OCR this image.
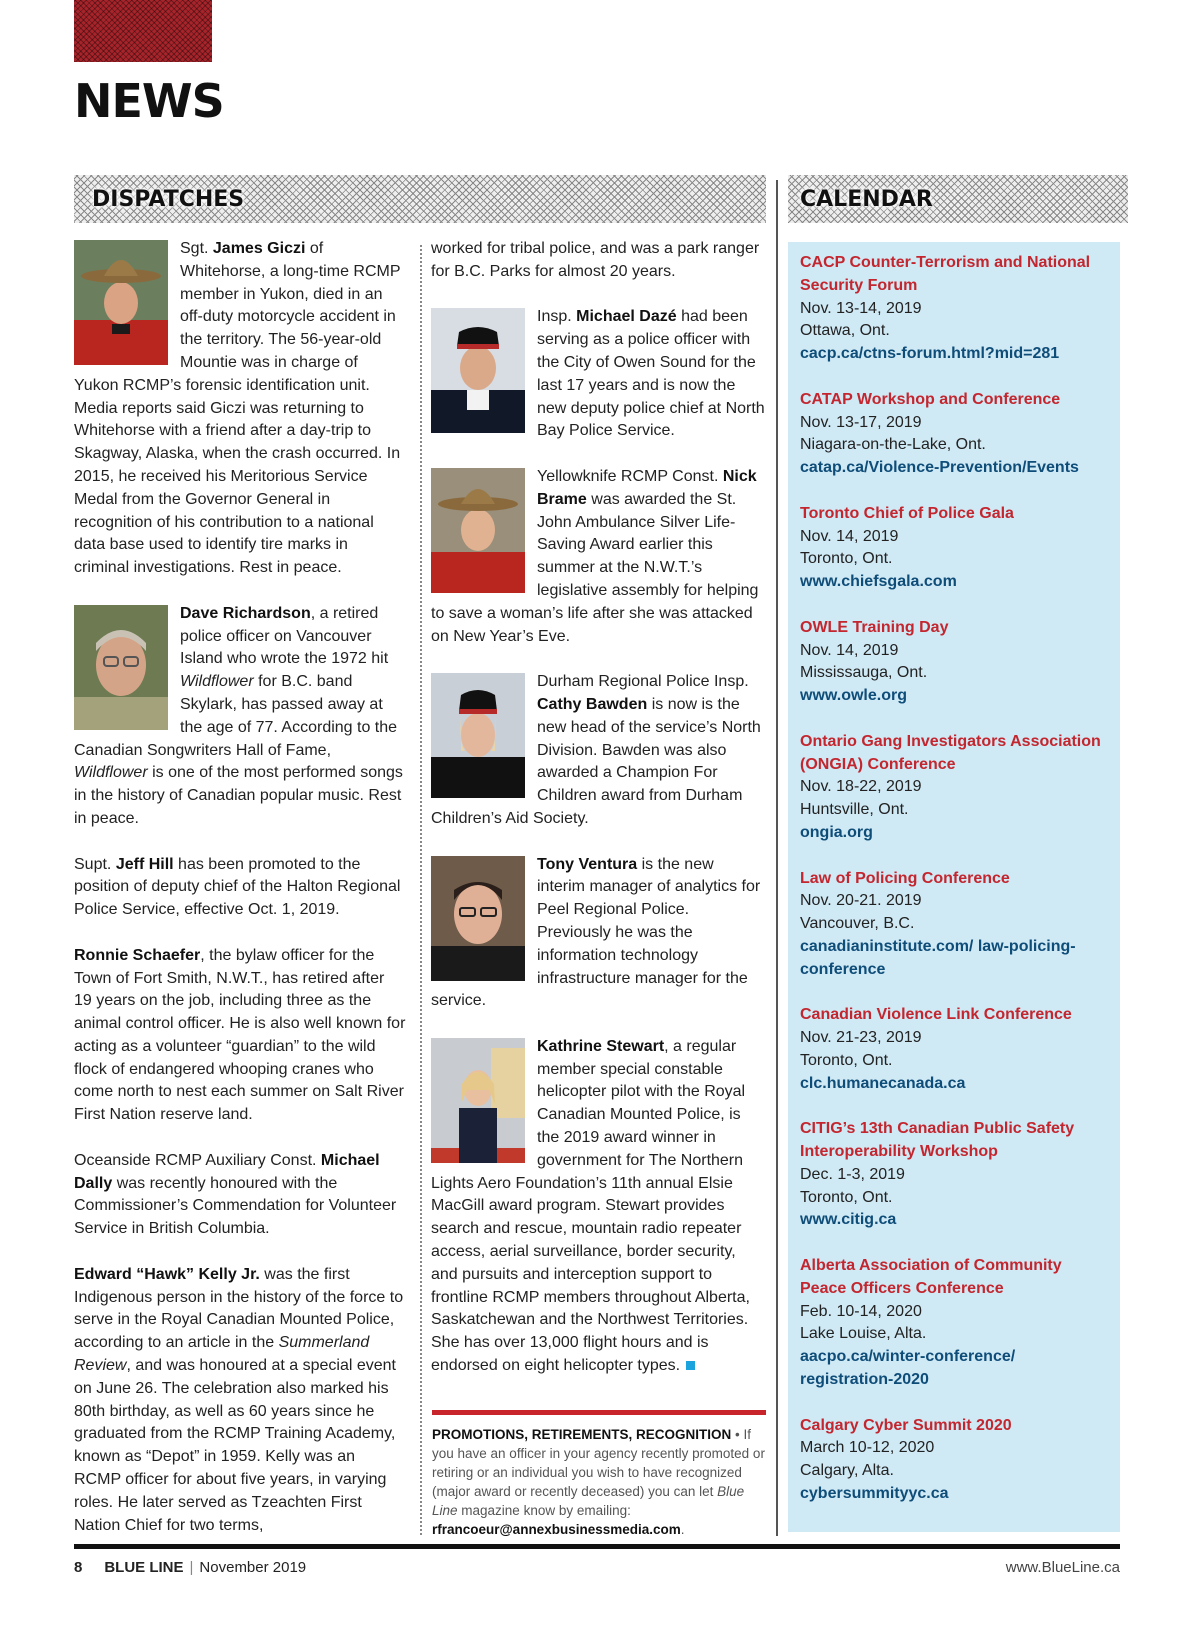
NEWS
DISPATCHES	CALENDAR

Sgt. James Giczi of Whitehorse, a long-time RCMP member in Yukon, died in an off-duty motorcycle accident in the territory. The 56-year-old Mountie was in charge of Yukon RCMP’s forensic identification unit. Media reports said Giczi was returning to Whitehorse with a friend after a day-trip to Skagway, Alaska, when the crash occurred. In 2015, he received his Meritorious Service Medal from the Governor General in recognition of his contribution to a national data base used to identify tire marks in criminal investigations. Rest in peace.

Dave Richardson, a retired police officer on Vancouver Island who wrote the 1972 hit Wildflower for B.C. band Skylark, has passed away at the age of 77. According to the Canadian Songwriters Hall of Fame, Wildflower is one of the most performed songs in the history of Canadian popular music. Rest in peace.

Supt. Jeff Hill has been promoted to the position of deputy chief of the Halton Regional Police Service, effective Oct. 1, 2019.

Ronnie Schaefer, the bylaw officer for the Town of Fort Smith, N.W.T., has retired after 19 years on the job, including three as the animal control officer. He is also well known for acting as a volunteer “guardian” to the wild flock of endangered whooping cranes who come north to nest each summer on Salt River First Nation reserve land.

Oceanside RCMP Auxiliary Const. Michael Dally was recently honoured with the Commissioner’s Commendation for Volunteer Service in British Columbia.

Edward “Hawk” Kelly Jr. was the first Indigenous person in the history of the force to serve in the Royal Canadian Mounted Police, according to an article in the Summerland Review, and was honoured at a special event on June 26. The celebration also marked his 80th birthday, as well as 60 years since he graduated from the RCMP Training Academy, known as “Depot” in 1959. Kelly was an RCMP officer for about five years, in varying roles. He later served as Tzeachten First Nation Chief for two terms,

worked for tribal police, and was a park ranger for B.C. Parks for almost 20 years.

Insp. Michael Dazé had been serving as a police officer with the City of Owen Sound for the last 17 years and is now the new deputy police chief at North Bay Police Service.

Yellowknife RCMP Const. Nick Brame was awarded the St. John Ambulance Silver Life-Saving Award earlier this summer at the N.W.T.’s legislative assembly for helping to save a woman’s life after she was attacked on New Year’s Eve.

Durham Regional Police Insp. Cathy Bawden is now is the new head of the service’s North Division. Bawden was also awarded a Champion For Children award from Durham Children’s Aid Society.

Tony Ventura is the new interim manager of analytics for Peel Regional Police. Previously he was the information technology infrastructure manager for the service.

Kathrine Stewart, a regular member special constable helicopter pilot with the Royal Canadian Mounted Police, is the 2019 award winner in government for The Northern Lights Aero Foundation’s 11th annual Elsie MacGill award program. Stewart provides search and rescue, mountain radio repeater access, aerial surveillance, border security, and pursuits and interception support to frontline RCMP members throughout Alberta, Saskatchewan and the Northwest Territories. She has over 13,000 flight hours and is endorsed on eight helicopter types.

PROMOTIONS, RETIREMENTS, RECOGNITION • If you have an officer in your agency recently promoted or retiring or an individual you wish to have recognized (major award or recently deceased) you can let Blue Line magazine know by emailing: rfrancoeur@annexbusinessmedia.com.
CACP Counter-Terrorism and National Security Forum
Nov. 13-14, 2019
Ottawa, Ont.
cacp.ca/ctns-forum.html?mid=281
CATAP Workshop and Conference
Nov. 13-17, 2019
Niagara-on-the-Lake, Ont.
catap.ca/Violence-Prevention/Events
Toronto Chief of Police Gala
Nov. 14, 2019
Toronto, Ont.
www.chiefsgala.com
OWLE Training Day
Nov. 14, 2019
Mississauga, Ont.
www.owle.org
Ontario Gang Investigators Association (ONGIA) Conference
Nov. 18-22, 2019
Huntsville, Ont.
ongia.org
Law of Policing Conference
Nov. 20-21. 2019
Vancouver, B.C.
canadianinstitute.com/ law-policing-conference
Canadian Violence Link Conference
Nov. 21-23, 2019
Toronto, Ont.
clc.humanecanada.ca
CITIG’s 13th Canadian Public Safety Interoperability Workshop
Dec. 1-3, 2019
Toronto, Ont.
www.citig.ca
Alberta Association of Community Peace Officers Conference
Feb. 10-14, 2020
Lake Louise, Alta.
aacpo.ca/winter-conference/ registration-2020
Calgary Cyber Summit 2020
March 10-12, 2020
Calgary, Alta.
cybersummityyc.ca
8 BLUE LINE | November 2019	www.BlueLine.ca
